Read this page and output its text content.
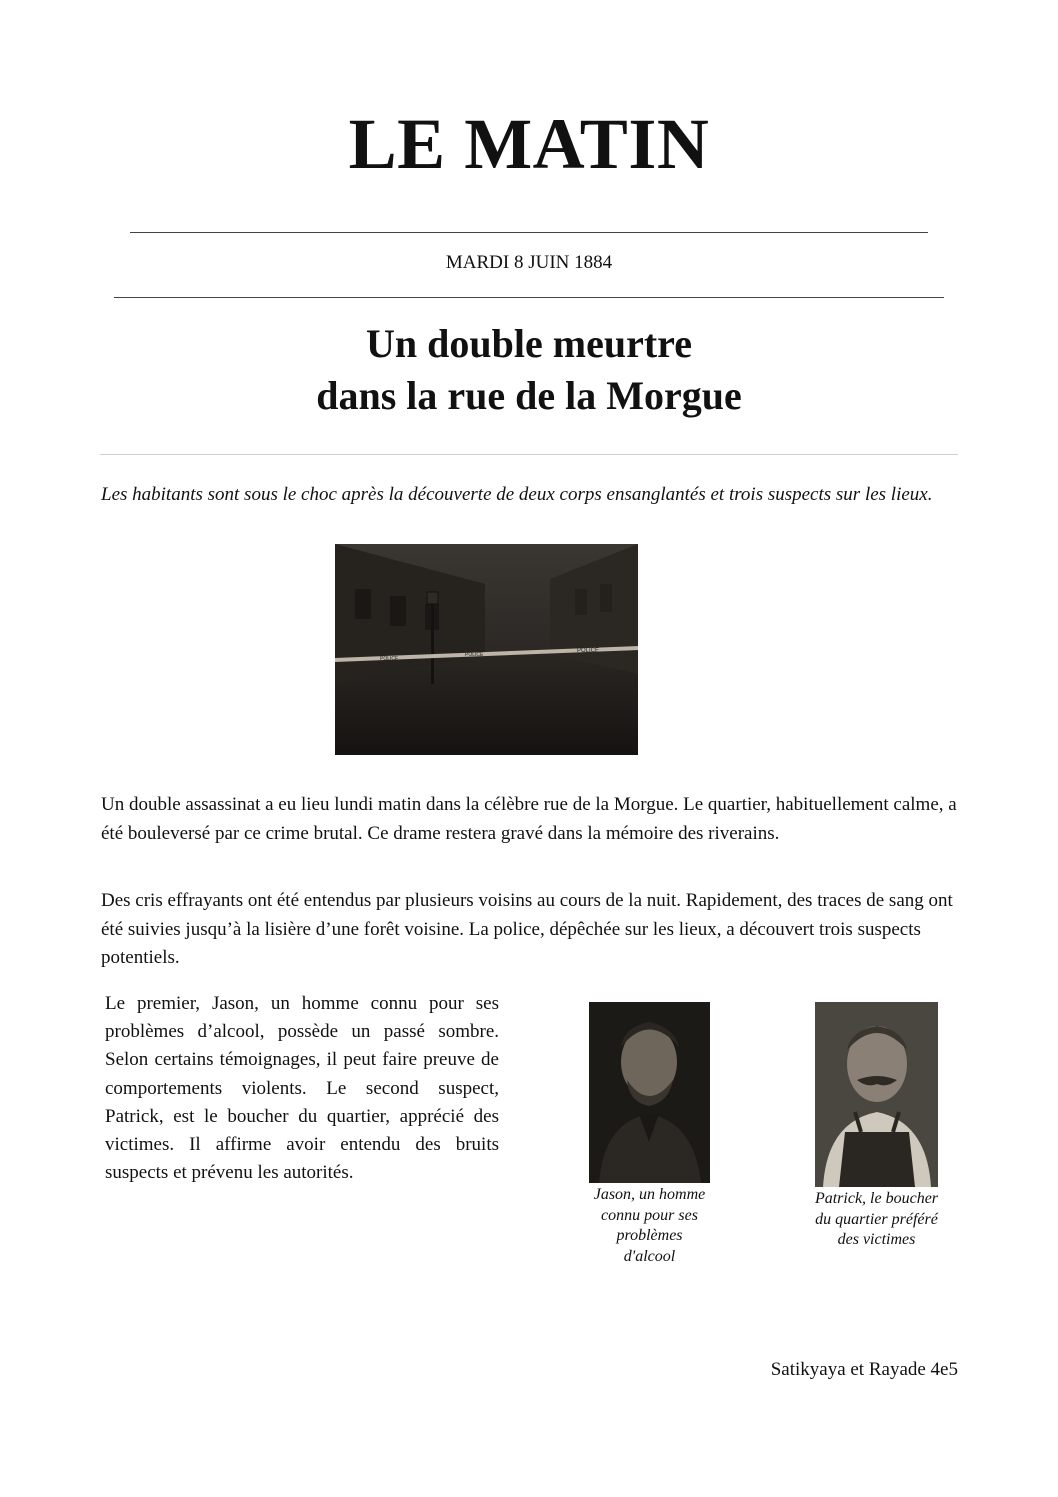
LE MATIN
MARDI 8 JUIN 1884
Un double meurtre
dans la rue de la Morgue
Les habitants sont sous le choc après la découverte de deux corps ensanglantés et trois suspects sur les lieux.
POLICE
POLICE
POLICE
Un double assassinat a eu lieu lundi matin dans la célèbre rue de la Morgue. Le quartier, habituellement calme, a été bouleversé par ce crime brutal. Ce drame restera gravé dans la mémoire des riverains.
Des cris effrayants ont été entendus par plusieurs voisins au cours de la nuit. Rapidement, des traces de sang ont été suivies jusqu’à la lisière d’une forêt voisine. La police, dépêchée sur les lieux, a découvert trois suspects potentiels.
Le premier, Jason, un homme connu pour ses problèmes d’alcool, possède un passé sombre. Selon certains témoignages, il peut faire preuve de comportements violents. Le second suspect, Patrick, est le boucher du quartier, apprécié des victimes. Il affirme avoir entendu des bruits suspects et prévenu les autorités.
Jason, un homme connu pour ses problèmes d'alcool
Patrick, le boucher du quartier préféré des victimes
Satikyaya et Rayade 4e5
